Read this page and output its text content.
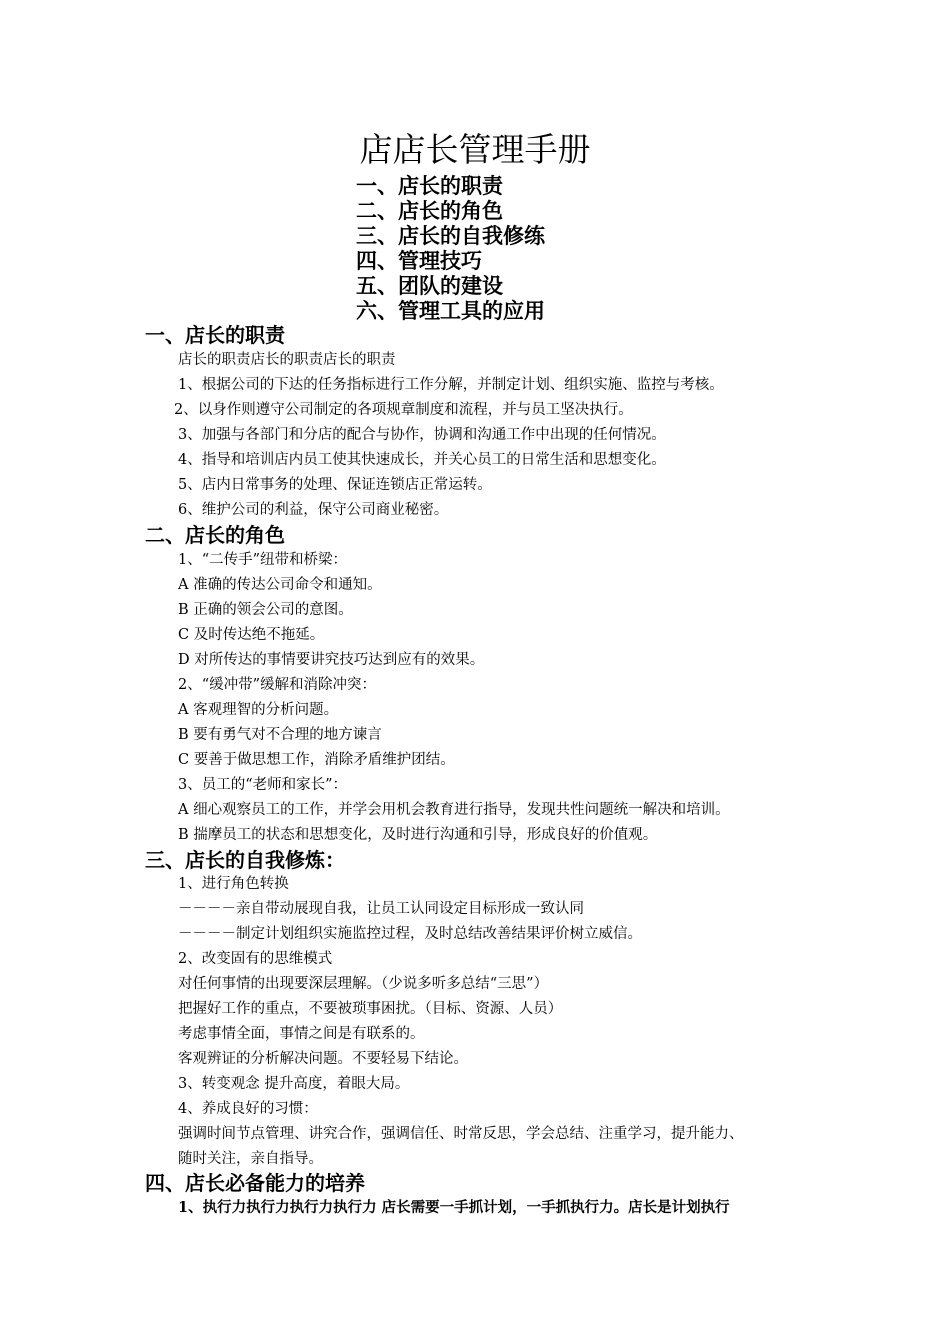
店店长管理手册
一、店长的职责
二、店长的角色
三、店长的自我修练
四、管理技巧
五、团队的建设
六、管理工具的应用
一、店长的职责
店长的职责店长的职责店长的职责
1、根据公司的下达的任务指标进行工作分解，并制定计划、组织实施、监控与考核。
2、以身作则遵守公司制定的各项规章制度和流程，并与员工坚决执行。
3、加强与各部门和分店的配合与协作，协调和沟通工作中出现的任何情况。
4、指导和培训店内员工使其快速成长，并关心员工的日常生活和思想变化。
5、店内日常事务的处理、保证连锁店正常运转。
6、维护公司的利益，保守公司商业秘密。
二、店长的角色
1、“二传手”纽带和桥梁：
A 准确的传达公司命令和通知。
B 正确的领会公司的意图。
C 及时传达绝不拖延。
D 对所传达的事情要讲究技巧达到应有的效果。
2、“缓冲带”缓解和消除冲突：
A 客观理智的分析问题。
B 要有勇气对不合理的地方谏言
C 要善于做思想工作，消除矛盾维护团结。
3、员工的“老师和家长”：
A 细心观察员工的工作，并学会用机会教育进行指导，发现共性问题统一解决和培训。
B 揣摩员工的状态和思想变化，及时进行沟通和引导，形成良好的价值观。
三、店长的自我修炼：
1、进行角色转换
－－－－亲自带动展现自我，让员工认同设定目标形成一致认同
－－－－制定计划组织实施监控过程，及时总结改善结果评价树立威信。
2、改变固有的思维模式
对任何事情的出现要深层理解。（少说多听多总结“三思”）
把握好工作的重点，不要被琐事困扰。（目标、资源、人员）
考虑事情全面，事情之间是有联系的。
客观辨证的分析解决问题。不要轻易下结论。
3、转变观念 提升高度，着眼大局。
4、养成良好的习惯：
强调时间节点管理、讲究合作，强调信任、时常反思，学会总结、注重学习，提升能力、
随时关注，亲自指导。
四、店长必备能力的培养
1、执行力执行力执行力执行力 店长需要一手抓计划，一手抓执行力。店长是计划执行
